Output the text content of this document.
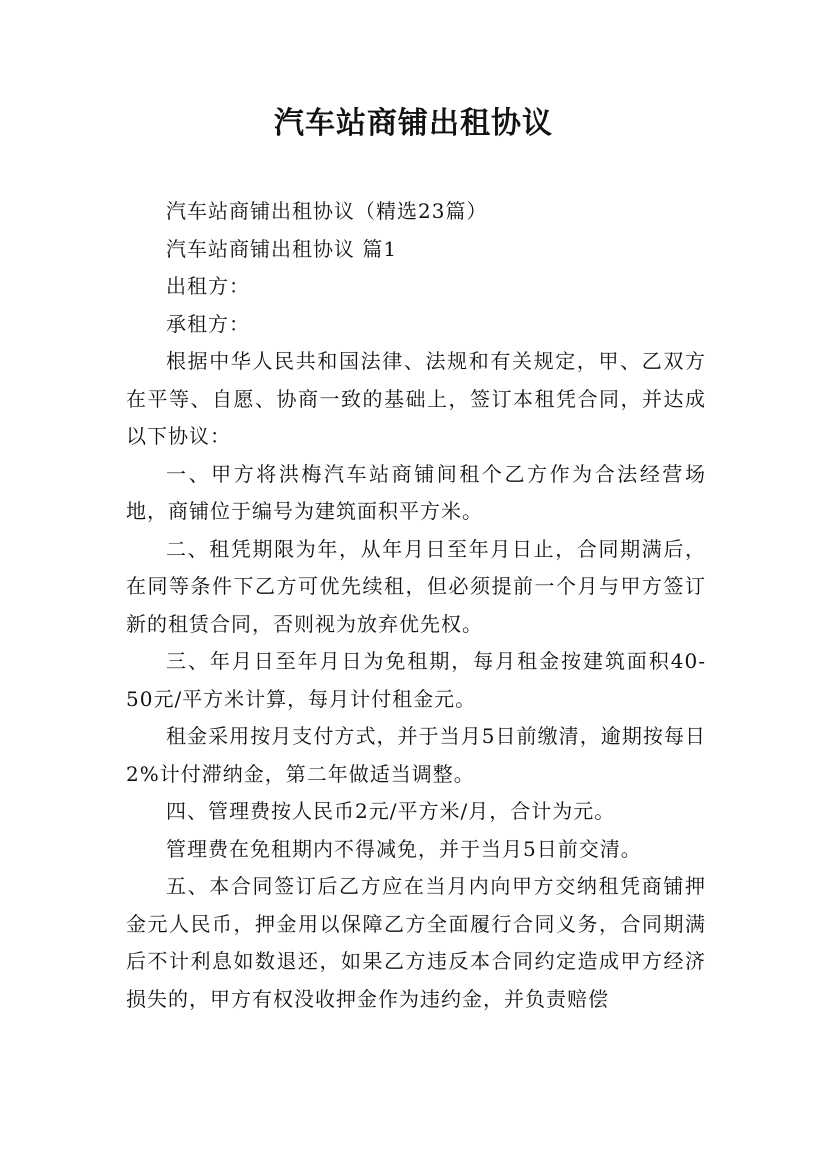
汽车站商铺出租协议

汽车站商铺出租协议（精选23篇）

汽车站商铺出租协议 篇1

出租方：

承租方：

根据中华人民共和国法律、法规和有关规定，甲、乙双方在平等、自愿、协商一致的基础上，签订本租凭合同，并达成以下协议：

一、甲方将洪梅汽车站商铺间租个乙方作为合法经营场地，商铺位于编号为建筑面积平方米。

二、租凭期限为年，从年月日至年月日止，合同期满后，在同等条件下乙方可优先续租，但必须提前一个月与甲方签订新的租赁合同，否则视为放弃优先权。

三、年月日至年月日为免租期，每月租金按建筑面积40-50元/平方米计算，每月计付租金元。

租金采用按月支付方式，并于当月5日前缴清，逾期按每日2%计付滞纳金，第二年做适当调整。

四、管理费按人民币2元/平方米/月，合计为元。

管理费在免租期内不得减免，并于当月5日前交清。

五、本合同签订后乙方应在当月内向甲方交纳租凭商铺押金元人民币，押金用以保障乙方全面履行合同义务，合同期满后不计利息如数退还，如果乙方违反本合同约定造成甲方经济损失的，甲方有权没收押金作为违约金，并负责赔偿
